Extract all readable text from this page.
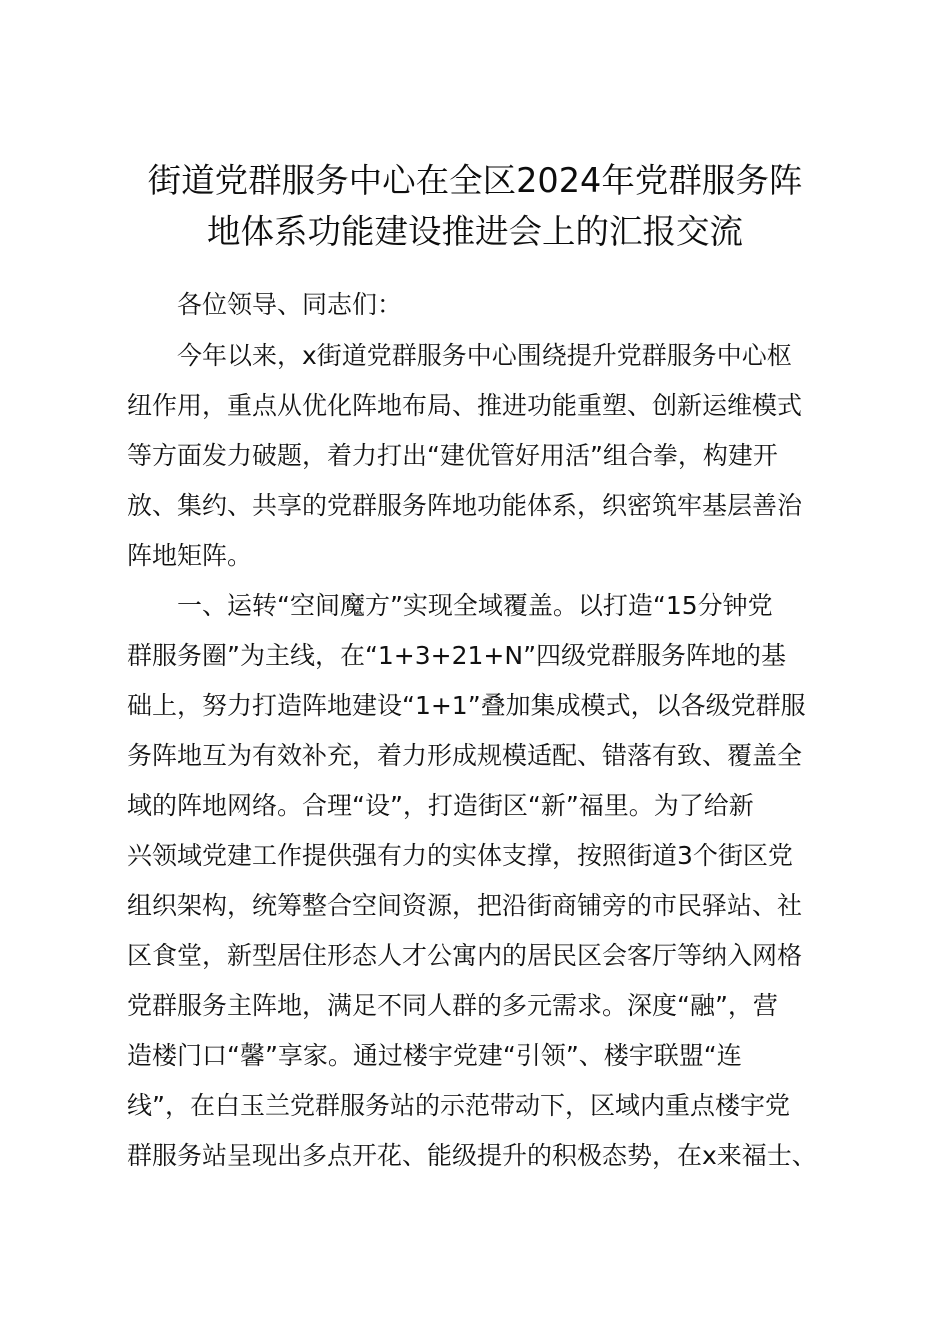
街道党群服务中心在全区2024年党群服务阵
地体系功能建设推进会上的汇报交流
各位领导、同志们：
今年以来，x街道党群服务中心围绕提升党群服务中心枢
纽作用，重点从优化阵地布局、推进功能重塑、创新运维模式
等方面发力破题，着力打出“建优管好用活”组合拳，构建开
放、集约、共享的党群服务阵地功能体系，织密筑牢基层善治
阵地矩阵。
一、运转“空间魔方”实现全域覆盖。以打造“15分钟党
群服务圈”为主线，在“1+3+21+N”四级党群服务阵地的基
础上，努力打造阵地建设“1+1”叠加集成模式，以各级党群服
务阵地互为有效补充，着力形成规模适配、错落有致、覆盖全
域的阵地网络。合理“设”，打造街区“新”福里。为了给新
兴领域党建工作提供强有力的实体支撑，按照街道3个街区党
组织架构，统筹整合空间资源，把沿街商铺旁的市民驿站、社
区食堂，新型居住形态人才公寓内的居民区会客厅等纳入网格
党群服务主阵地，满足不同人群的多元需求。深度“融”，营
造楼门口“馨”享家。通过楼宇党建“引领”、楼宇联盟“连
线”，在白玉兰党群服务站的示范带动下，区域内重点楼宇党
群服务站呈现出多点开花、能级提升的积极态势，在x来福士、
